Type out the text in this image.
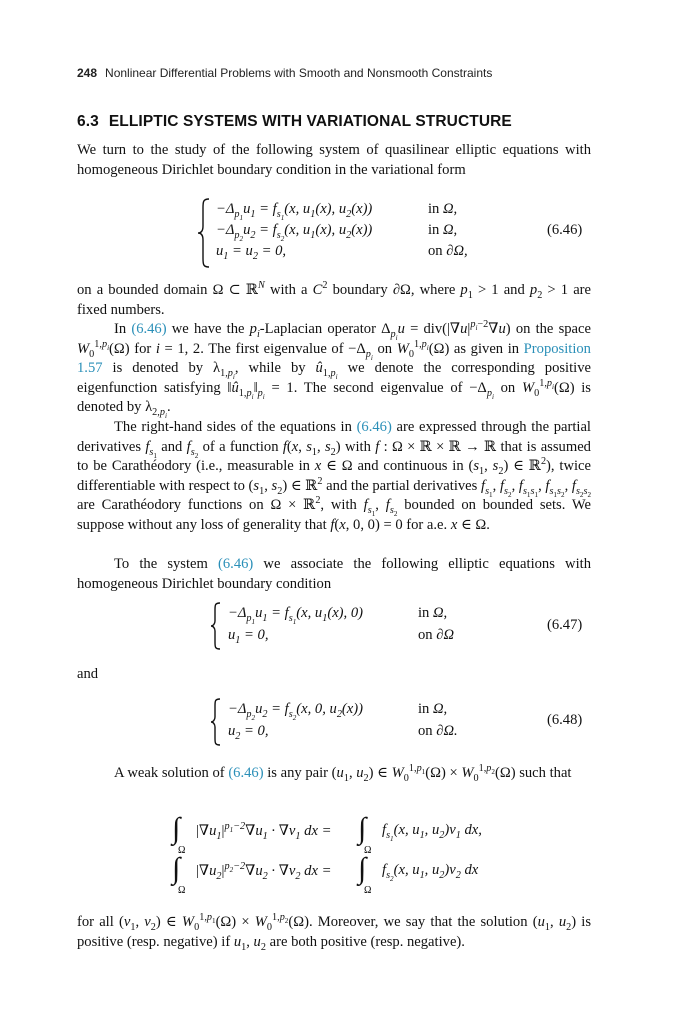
248 Nonlinear Differential Problems with Smooth and Nonsmooth Constraints
6.3 ELLIPTIC SYSTEMS WITH VARIATIONAL STRUCTURE
We turn to the study of the following system of quasilinear elliptic equations with homogeneous Dirichlet boundary condition in the variational form
$-\Delta_{p_1}u_1 = f_{s_1}(x$, $u_1(x)$, $u_2(x)$)
$-\Delta_{p_2}u_2 = f_{s_2}(x$, $u_1(x)$, $u_2(x)$)
$u_1 = u_2 = 0$,
in Ω,
in Ω,
on ∂Ω,
(6.46)
on a bounded domain Ω ⊂ ℝ$^N$ with a $C^2$ boundary ∂Ω, where $p_1 > 1$ and $p_2 > 1$ are fixed numbers.
In (6.46) we have the $p_i$-Laplacian operator $\Delta_{p_i}u = div(|\nabla u|^{p_i-2}\nabla u)$ on the space $W_0^{1,p_i}(\Omega)$ for i = 1, 2. The first eigenvalue of $-\Delta_{p_i}$ on $W_0^{1,p_i}(\Omega)$ as given in Proposition 1.57 is denoted by $\lambda_{1,p_i}$, while by $û_{1,p_i}$ we denote the corresponding positive eigenfunction satisfying $‖û_{1,p_i}‖_{p_i} = 1$. The second eigenvalue of $-\Delta_{p_i}$ on $W_0^{1,p_i}(\Omega)$ is denoted by $\lambda_{2,p_i}$.
The right-hand sides of the equations in (6.46) are expressed through the partial derivatives $f_{s_1}$ and $f_{s_2}$ of a function f(x, $s_1$, $s_2$) with f : Ω × ℝ × ℝ → ℝ that is assumed to be Carathéodory (i.e., measurable in x ∈ Ω and continuous in ($s_1$, $s_2$) ∈ ℝ$^2$), twice differentiable with respect to ($s_1$, $s_2$) ∈ ℝ$^2$ and the partial derivatives $f_{s_1}$, $f_{s_2}$, $f_{s_1s_1}$, $f_{s_1s_2}$, $f_{s_2s_2}$ are Carathéodory functions on Ω × ℝ$^2$, with $f_{s_1}$, $f_{s_2}$ bounded on bounded sets. We suppose without any loss of generality that f(x, 0, 0) = 0 for a.e. x ∈ Ω.
To the system (6.46) we associate the following elliptic equations with homogeneous Dirichlet boundary condition
$-\Delta_{p_1}u_1 = f_{s_1}(x$, $u_1(x)$, 0)
$u_1 = 0$,
in Ω,
on ∂Ω
(6.47)
and
$-\Delta_{p_2}u_2 = f_{s_2}(x$, 0, $u_2(x)$)
$u_2 = 0$,
in Ω,
on ∂Ω.
(6.48)
A weak solution of (6.46) is any pair ($u_1$, $u_2$) ∈ $W_0^{1,p_1}(\Omega) \times W_0^{1,p_2}(\Omega)$ such that
∫
Ω
$|\nabla u_1|^{p_1-2}\nabla u_1 \cdot \nabla v_1$ dx = ∫
Ω
$f_{s_1}(x$, $u_1$, $u_2)v_1$ dx,
∫
Ω
$|\nabla u_2|^{p_2-2}\nabla u_2 \cdot \nabla v_2$ dx = ∫
Ω
$f_{s_2}(x$, $u_1$, $u_2)v_2$ dx
for all ($v_1$, $v_2$) ∈ $W_0^{1,p_1}(\Omega) \times W_0^{1,p_2}(\Omega)$. Moreover, we say that the solution ($u_1$, $u_2$) is positive (resp. negative) if $u_1$, $u_2$ are both positive (resp. negative).
